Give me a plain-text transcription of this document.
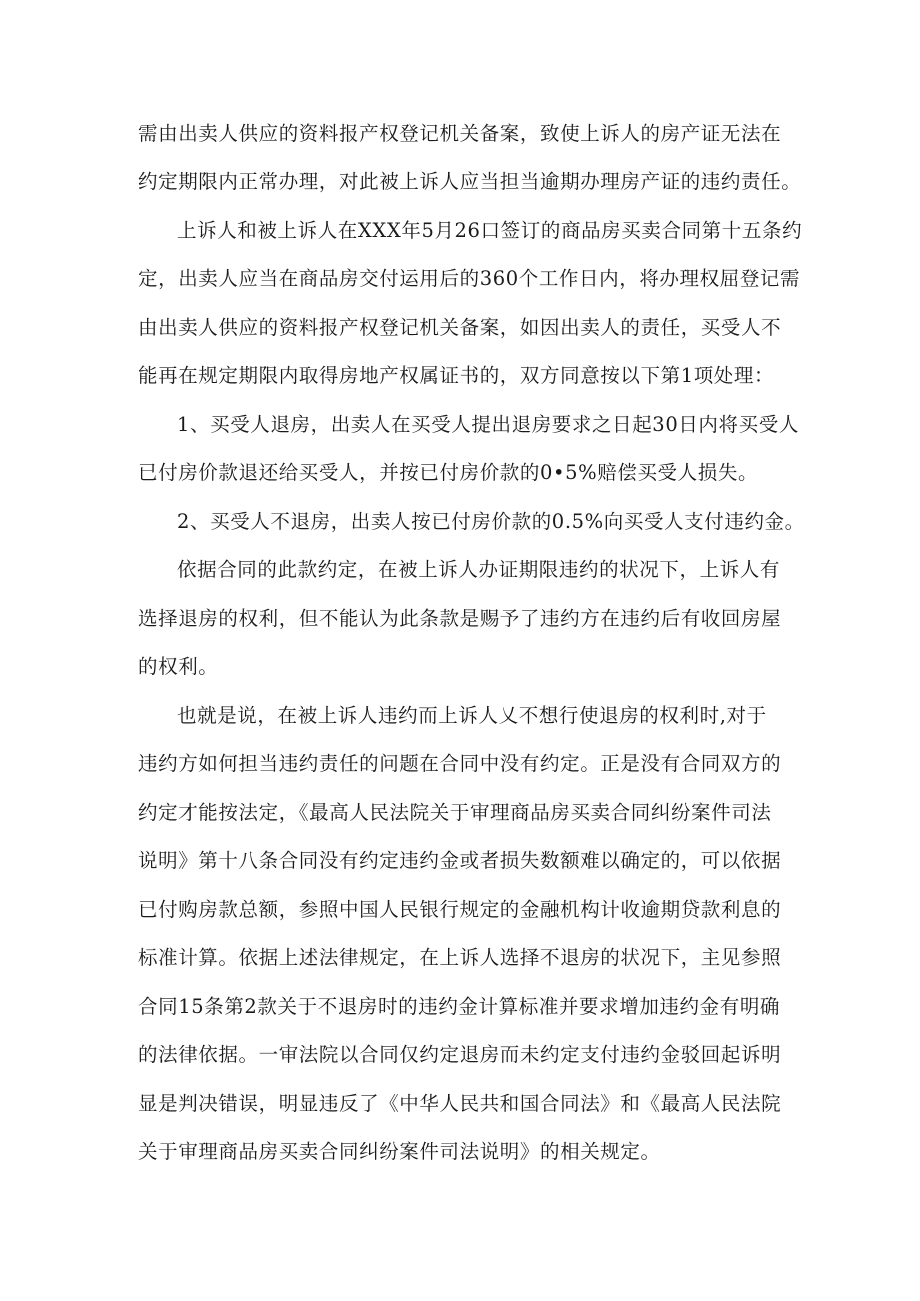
需由出卖人供应的资料报产权登记机关备案，致使上诉人的房产证无法在
约定期限内正常办理，对此被上诉人应当担当逾期办理房产证的违约责任。
上诉人和被上诉人在XXX年5月26口签订的商品房买卖合同第十五条约
定，出卖人应当在商品房交付运用后的360个工作日内，将办理权屈登记需
由出卖人供应的资料报产权登记机关备案，如因出卖人的责任，买受人不
能再在规定期限内取得房地产权属证书的，双方同意按以下第1项处理：
1、买受人退房，出卖人在买受人提出退房要求之日起30日内将买受人
已付房价款退还给买受人，并按已付房价款的0•5%赔偿买受人损失。
2、买受人不退房，出卖人按已付房价款的0.5%向买受人支付违约金。
依据合同的此款约定，在被上诉人办证期限违约的状况下，上诉人有
选择退房的权利，但不能认为此条款是赐予了违约方在违约后有收回房屋
的权利。
也就是说，在被上诉人违约而上诉人乂不想行使退房的权利时,对于
违约方如何担当违约责任的问题在合同中没有约定。正是没有合同双方的
约定才能按法定，《最高人民法院关于审理商品房买卖合同纠纷案件司法
说明》第十八条合同没有约定违约金或者损失数额难以确定的，可以依据
已付购房款总额，参照中国人民银行规定的金融机构计收逾期贷款利息的
标准计算。依据上述法律规定，在上诉人选择不退房的状况下，主见参照
合同15条第2款关于不退房时的违约金计算标准并要求增加违约金有明确
的法律依据。一审法院以合同仅约定退房而未约定支付违约金驳回起诉明
显是判决错误，明显违反了《中华人民共和国合同法》和《最高人民法院
关于审理商品房买卖合同纠纷案件司法说明》的相关规定。
